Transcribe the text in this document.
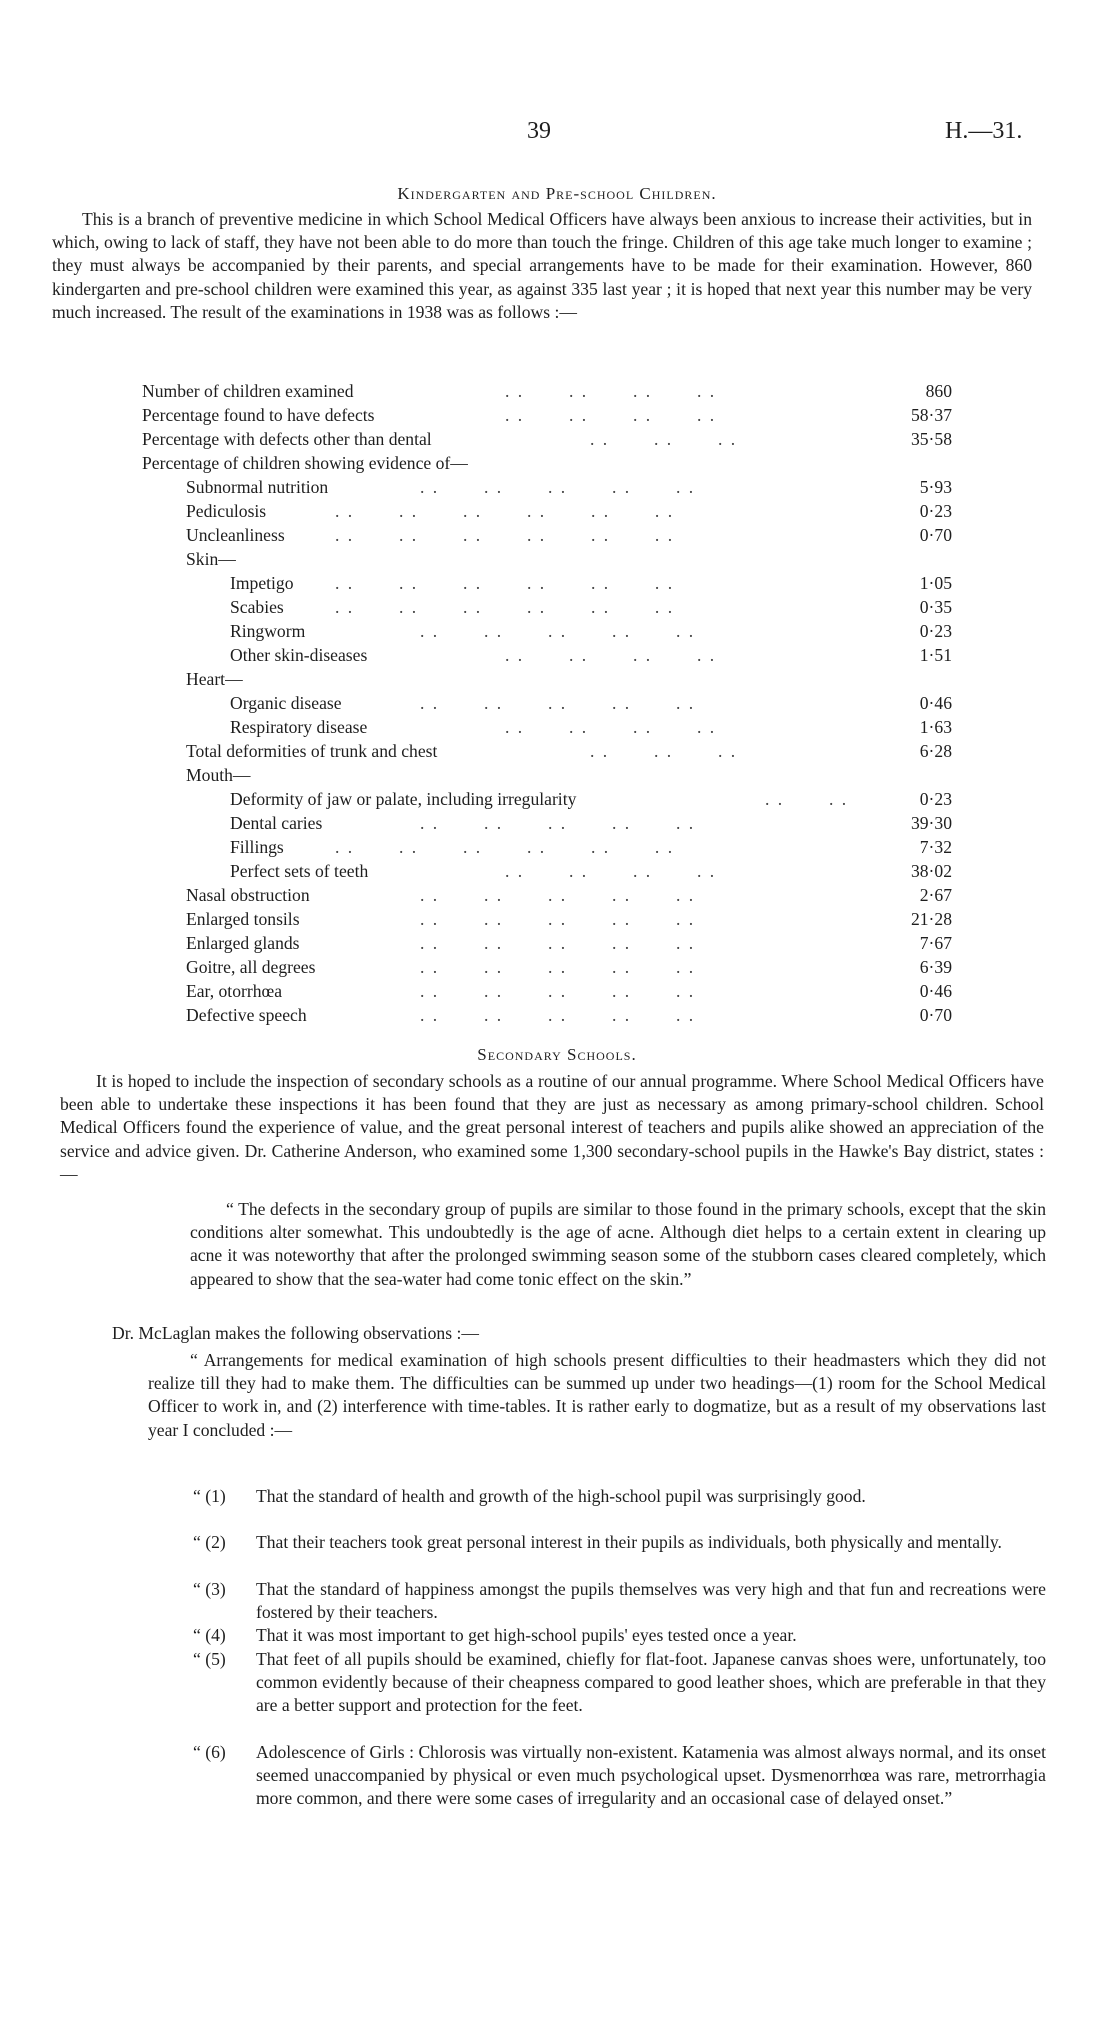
39	H.—31.
Kindergarten and Pre-school Children.

This is a branch of preventive medicine in which School Medical Officers have always been anxious to increase their activities, but in which, owing to lack of staff, they have not been able to do more than touch the fringe. Children of this age take much longer to examine ; they must always be accompanied by their parents, and special arrangements have to be made for their examination. However, 860 kindergarten and pre-school children were examined this year, as against 335 last year ; it is hoped that next year this number may be very much increased. The result of the examinations in 1938 was as follows :—

Number of children examined	. .       . .       . .       . .	860
Percentage found to have defects	. .       . .       . .       . .	58·37
Percentage with defects other than dental	. .       . .       . .	35·58
Percentage of children showing evidence of—
Subnormal nutrition	. .       . .       . .       . .       . .	5·93
Pediculosis	. .       . .       . .       . .       . .       . .	0·23
Uncleanliness	. .       . .       . .       . .       . .       . .	0·70
Skin—
Impetigo . .       . .       . .       . .       . .       . .	1·05
Scabies	. .       . .       . .       . .       . .       . .	0·35
Ringworm	. .       . .       . .       . .       . .	0·23
Other skin-diseases	. .       . .       . .       . .	1·51
Heart—
Organic disease	. .       . .       . .       . .       . .	0·46
Respiratory disease	. .       . .       . .       . .	1·63
Total deformities of trunk and chest	. .       . .       . .	6·28
Mouth—
Deformity of jaw or palate, including irregularity	. .       . .	0·23
Dental caries	. .       . .       . .       . .       . .	39·30
Fillings	. .       . .       . .       . .       . .       . .	7·32
Perfect sets of teeth	. .       . .       . .       . .	38·02
Nasal obstruction	. .       . .       . .       . .       . .	2·67
Enlarged tonsils	. .       . .       . .       . .       . .	21·28
Enlarged glands	. .       . .       . .       . .       . .	7·67
Goitre, all degrees	. .       . .       . .       . .       . .	6·39
Ear, otorrhœa	. .       . .       . .       . .       . .	0·46
Defective speech	. .       . .       . .       . .       . .	0·70
Secondary Schools.

It is hoped to include the inspection of secondary schools as a routine of our annual programme. Where School Medical Officers have been able to undertake these inspections it has been found that they are just as necessary as among primary-school children. School Medical Officers found the experience of value, and the great personal interest of teachers and pupils alike showed an appreciation of the service and advice given. Dr. Catherine Anderson, who examined some 1,300 secondary-school pupils in the Hawke's Bay district, states :—

“ The defects in the secondary group of pupils are similar to those found in the primary schools, except that the skin conditions alter somewhat. This undoubtedly is the age of acne. Although diet helps to a certain extent in clearing up acne it was noteworthy that after the prolonged swimming season some of the stubborn cases cleared completely, which appeared to show that the sea-water had come tonic effect on the skin.”

Dr. McLaglan makes the following observations :—

“ Arrangements for medical examination of high schools present difficulties to their headmasters which they did not realize till they had to make them. The difficulties can be summed up under two headings—(1) room for the School Medical Officer to work in, and (2) interference with time-tables. It is rather early to dogmatize, but as a result of my observations last year I concluded :—

“ (1) That the standard of health and growth of the high-school pupil was surprisingly good.

“ (2) That their teachers took great personal interest in their pupils as individuals, both physically and mentally.

“ (3) That the standard of happiness amongst the pupils themselves was very high and that fun and recreations were fostered by their teachers.

“ (4) That it was most important to get high-school pupils' eyes tested once a year.

“ (5) That feet of all pupils should be examined, chiefly for flat-foot. Japanese canvas shoes were, unfortunately, too common evidently because of their cheapness compared to good leather shoes, which are preferable in that they are a better support and protection for the feet.

“ (6) Adolescence of Girls : Chlorosis was virtually non-existent. Katamenia was almost always normal, and its onset seemed unaccompanied by physical or even much psychological upset. Dysmenorrhœa was rare, metrorrhagia more common, and there were some cases of irregularity and an occasional case of delayed onset.”
